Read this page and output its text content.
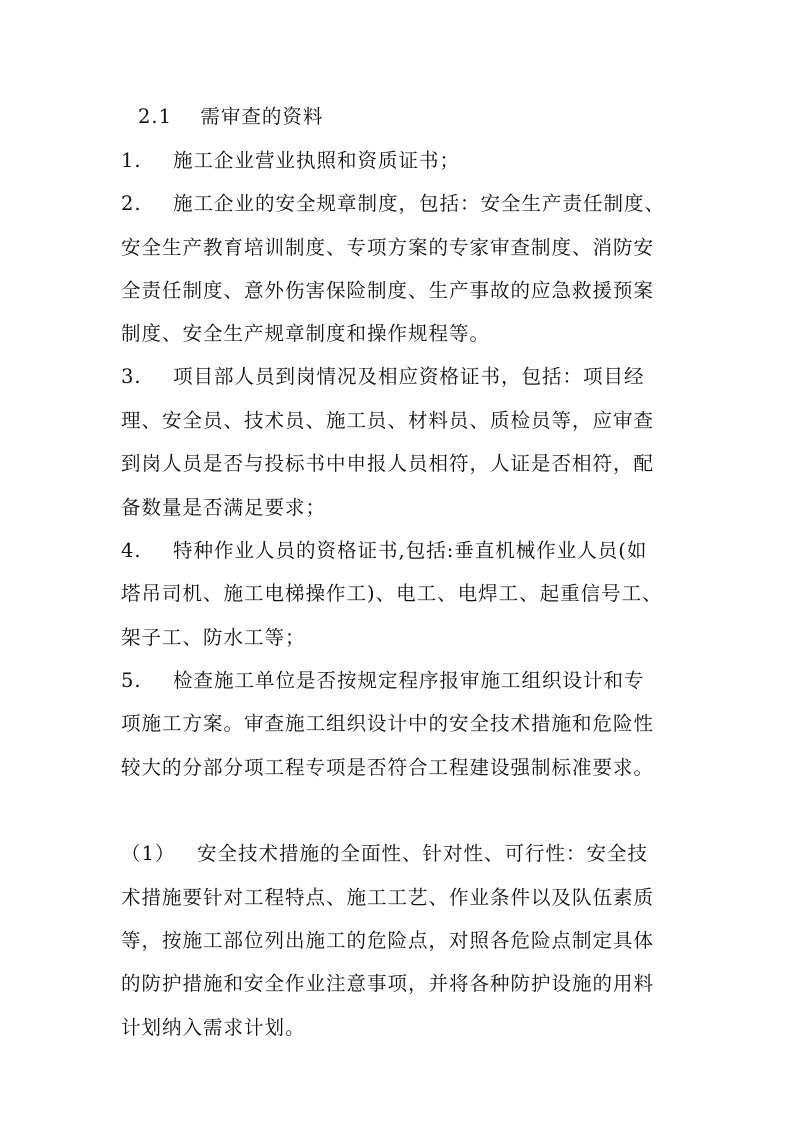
2.1 需审查的资料
1. 施工企业营业执照和资质证书；
2. 施工企业的安全规章制度，包括：安全生产责任制度、
安全生产教育培训制度、专项方案的专家审查制度、消防安
全责任制度、意外伤害保险制度、生产事故的应急救援预案
制度、安全生产规章制度和操作规程等。
3. 项目部人员到岗情况及相应资格证书，包括：项目经
理、安全员、技术员、施工员、材料员、质检员等，应审查
到岗人员是否与投标书中申报人员相符，人证是否相符，配
备数量是否满足要求；
4. 特种作业人员的资格证书,包括:垂直机械作业人员(如
塔吊司机、施工电梯操作工)、电工、电焊工、起重信号工、
架子工、防水工等；
5. 检查施工单位是否按规定程序报审施工组织设计和专
项施工方案。审查施工组织设计中的安全技术措施和危险性
较大的分部分项工程专项是否符合工程建设强制标准要求。
（1） 安全技术措施的全面性、针对性、可行性：安全技
术措施要针对工程特点、施工工艺、作业条件以及队伍素质
等，按施工部位列出施工的危险点，对照各危险点制定具体
的防护措施和安全作业注意事项，并将各种防护设施的用料
计划纳入需求计划。
